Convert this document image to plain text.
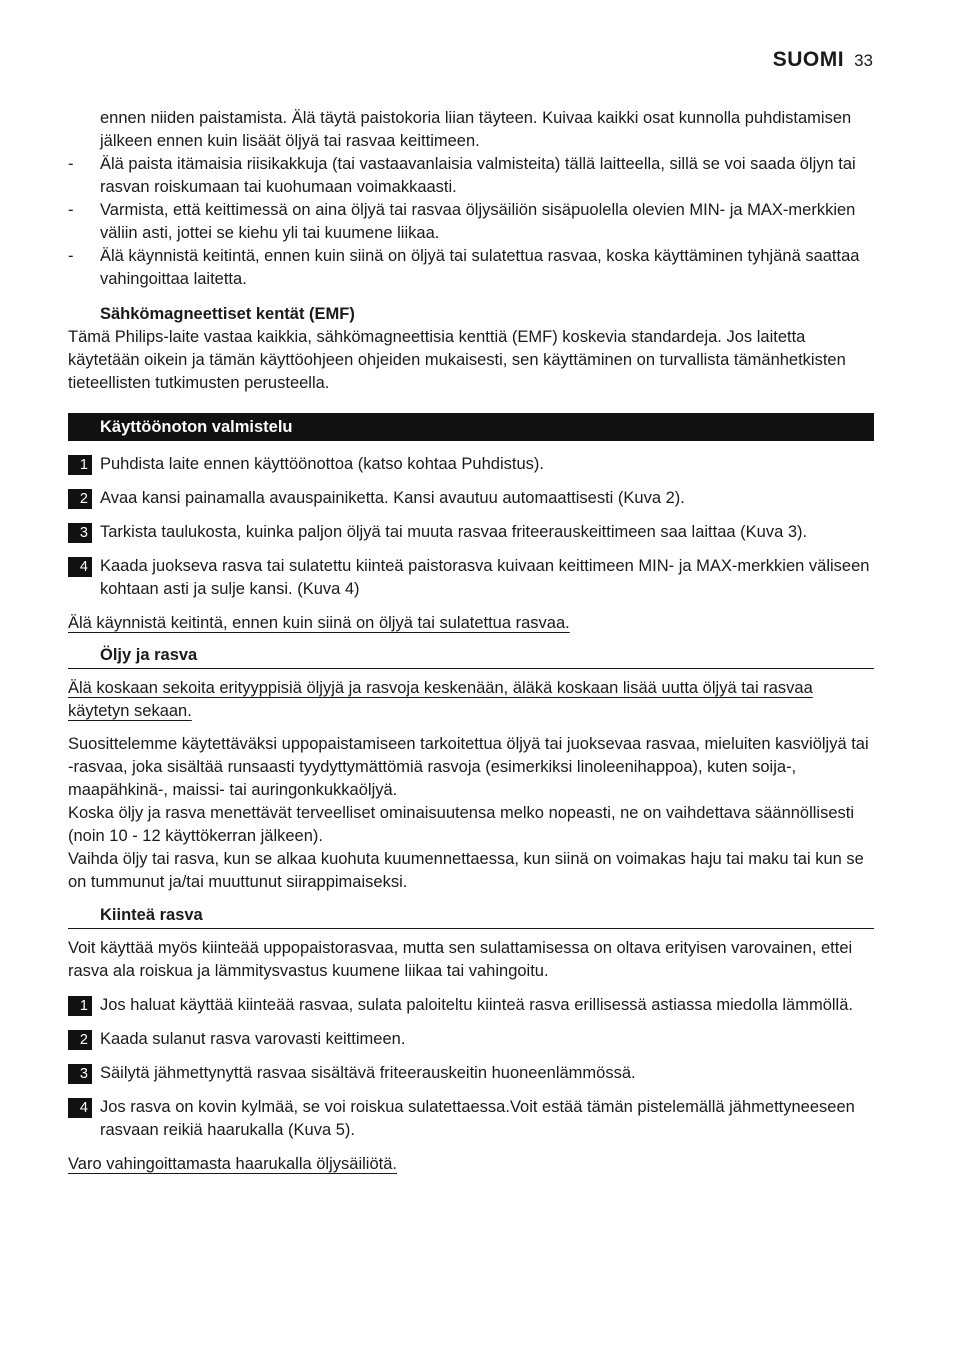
SUOMI 33

ennen niiden paistamista. Älä täytä paistokoria liian täyteen. Kuivaa kaikki osat kunnolla puhdistamisen jälkeen ennen kuin lisäät öljyä tai rasvaa keittimeen.

- Älä paista itämaisia riisikakkuja (tai vastaavanlaisia valmisteita) tällä laitteella, sillä se voi saada öljyn tai rasvan roiskumaan tai kuohumaan voimakkaasti.

- Varmista, että keittimessä on aina öljyä tai rasvaa öljysäiliön sisäpuolella olevien MIN- ja MAX-merkkien väliin asti, jottei se kiehu yli tai kuumene liikaa.

- Älä käynnistä keitintä, ennen kuin siinä on öljyä tai sulatettua rasvaa, koska käyttäminen tyhjänä saattaa vahingoittaa laitetta.

Sähkömagneettiset kentät (EMF)

Tämä Philips-laite vastaa kaikkia, sähkömagneettisia kenttiä (EMF) koskevia standardeja. Jos laitetta käytetään oikein ja tämän käyttöohjeen ohjeiden mukaisesti, sen käyttäminen on turvallista tämänhetkisten tieteellisten tutkimusten perusteella.

Käyttöönoton valmistelu

1 Puhdista laite ennen käyttöönottoa (katso kohtaa Puhdistus).

2 Avaa kansi painamalla avauspainiketta. Kansi avautuu automaattisesti (Kuva 2).

3 Tarkista taulukosta, kuinka paljon öljyä tai muuta rasvaa friteerauskeittimeen saa laittaa (Kuva 3).

4 Kaada juokseva rasva tai sulatettu kiinteä paistorasva kuivaan keittimeen MIN- ja MAX-merkkien väliseen kohtaan asti ja sulje kansi. (Kuva 4)

Älä käynnistä keitintä, ennen kuin siinä on öljyä tai sulatettua rasvaa.

Öljy ja rasva

Älä koskaan sekoita erityyppisiä öljyjä ja rasvoja keskenään, äläkä koskaan lisää uutta öljyä tai rasvaa käytetyn sekaan.

Suosittelemme käytettäväksi uppopaistamiseen tarkoitettua öljyä tai juoksevaa rasvaa, mieluiten kasviöljyä tai -rasvaa, joka sisältää runsaasti tyydyttymättömiä rasvoja (esimerkiksi linoleenihappoa), kuten soija-, maapähkinä-, maissi- tai auringonkukkaöljyä.

Koska öljy ja rasva menettävät terveelliset ominaisuutensa melko nopeasti, ne on vaihdettava säännöllisesti (noin 10 - 12 käyttökerran jälkeen).

Vaihda öljy tai rasva, kun se alkaa kuohuta kuumennettaessa, kun siinä on voimakas haju tai maku tai kun se on tummunut ja/tai muuttunut siirappimaiseksi.

Kiinteä rasva

Voit käyttää myös kiinteää uppopaistorasvaa, mutta sen sulattamisessa on oltava erityisen varovainen, ettei rasva ala roiskua ja lämmitysvastus kuumene liikaa tai vahingoitu.

1 Jos haluat käyttää kiinteää rasvaa, sulata paloiteltu kiinteä rasva erillisessä astiassa miedolla lämmöllä.

2 Kaada sulanut rasva varovasti keittimeen.

3 Säilytä jähmettynyttä rasvaa sisältävä friteerauskeitin huoneenlämmössä.

4 Jos rasva on kovin kylmää, se voi roiskua sulatettaessa.Voit estää tämän pistelemällä jähmettyneeseen rasvaan reikiä haarukalla (Kuva 5).

Varo vahingoittamasta haarukalla öljysäiliötä.
